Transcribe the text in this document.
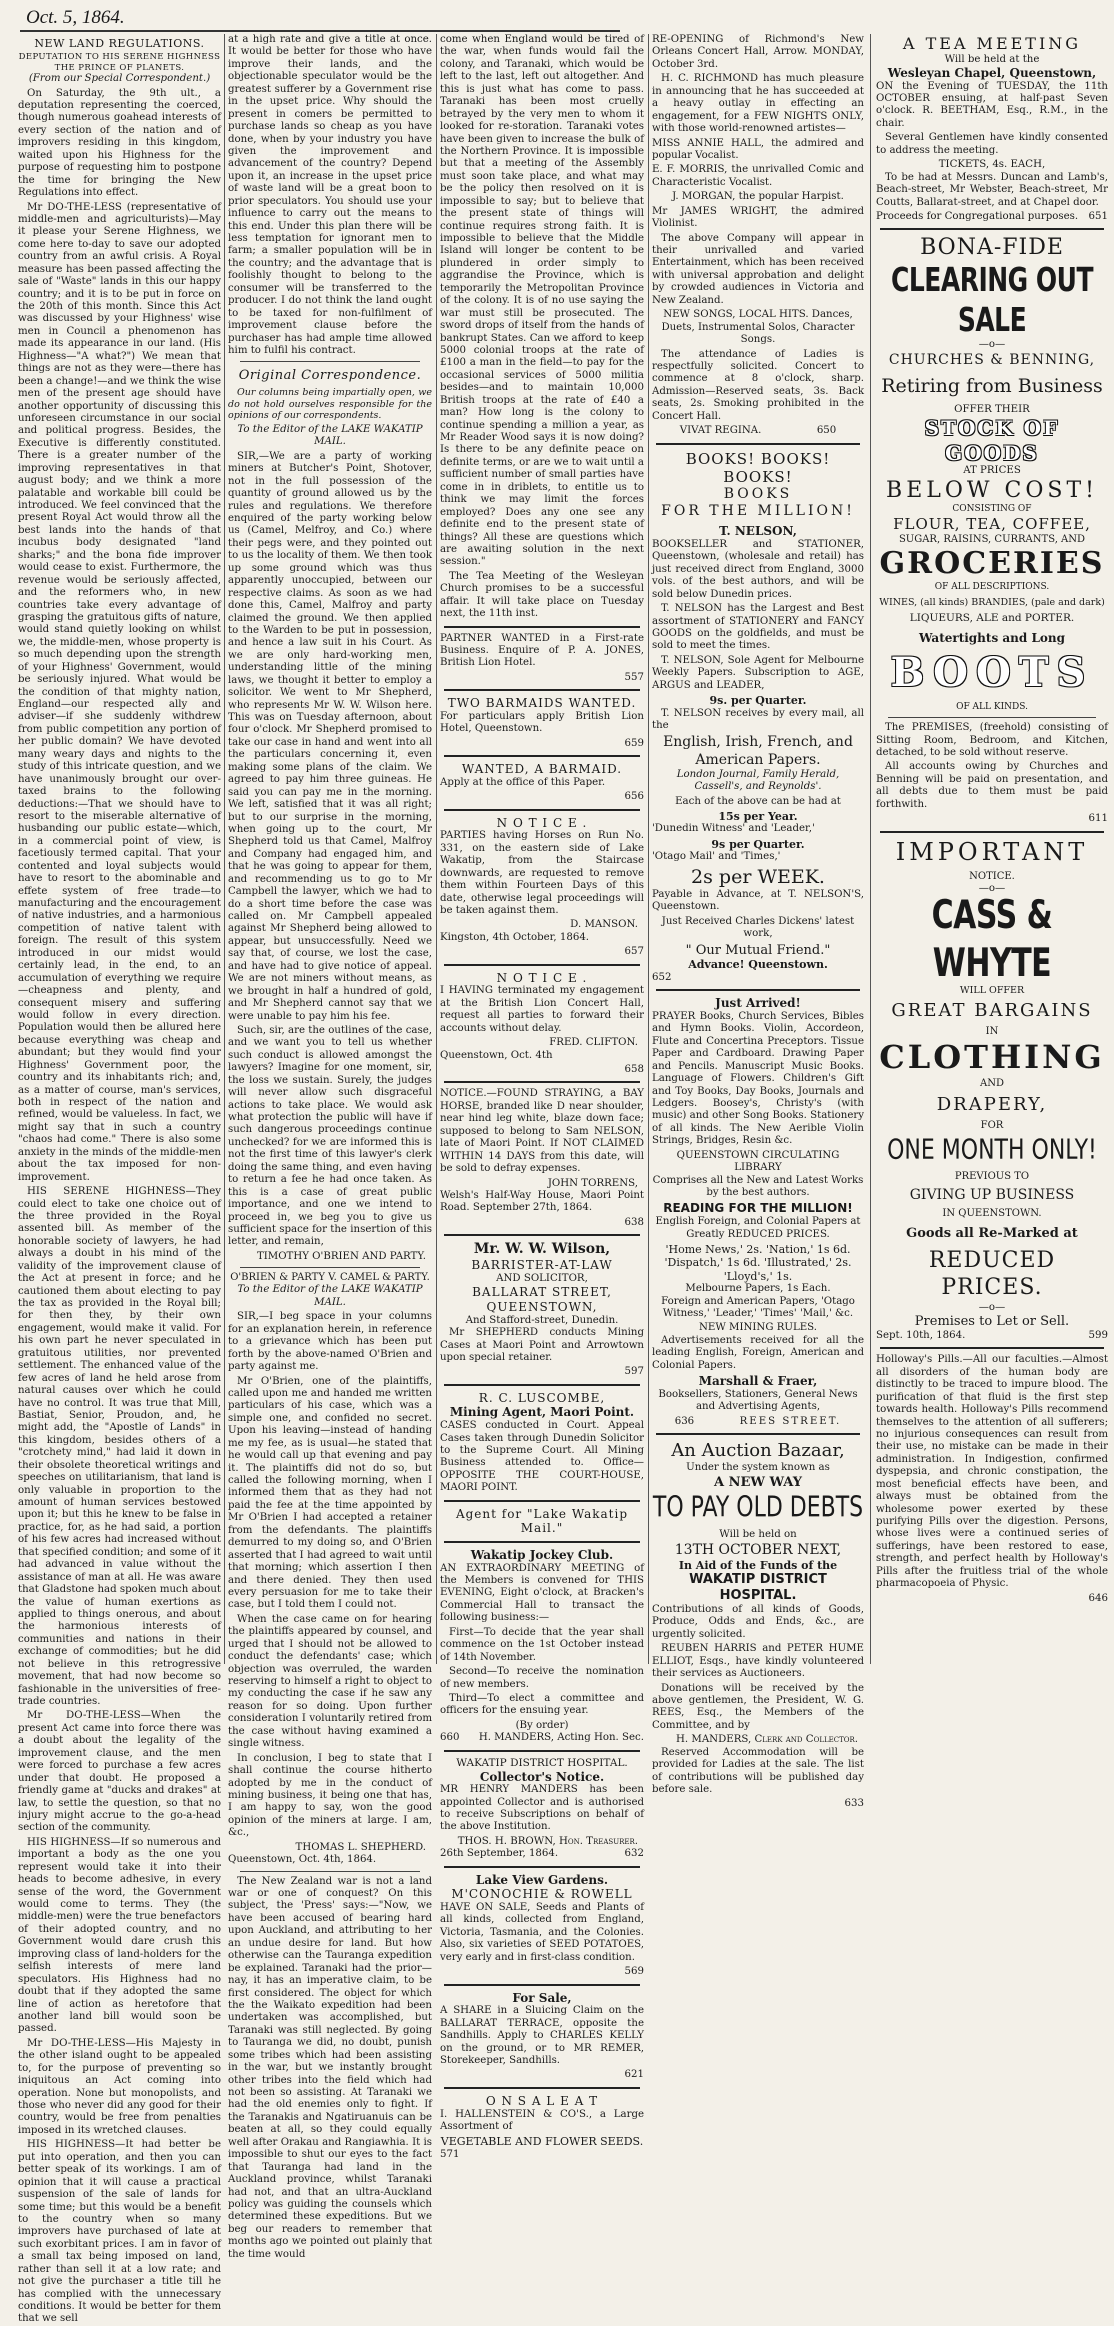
Oct. 5, 1864.
NEW LAND REGULATIONS.
DEPUTATION TO HIS SERENE HIGHNESS THE PRINCE OF PLANETS.

(From our Special Correspondent.)

On Saturday, the 9th ult., a deputation representing the coerced, though numerous goahead interests of every section of the nation and of improvers residing in this kingdom, waited upon his Highness for the purpose of requesting him to postpone the time for bringing the New Regulations into effect.

Mr DO-THE-LESS (representative of middle-men and agriculturists)—May it please your Serene Highness, we come here to-day to save our adopted country from an awful crisis. A Royal measure has been passed affecting the sale of "Waste" lands in this our happy country; and it is to be put in force on the 20th of this month. Since this Act was discussed by your Highness' wise men in Council a phenomenon has made its appearance in our land. (His Highness—"A what?") We mean that things are not as they were—there has been a change!—and we think the wise men of the present age should have another opportunity of discussing this unforeseen circumstance in our social and political progress. Besides, the Executive is differently constituted. There is a greater number of the improving representatives in that august body; and we think a more palatable and workable bill could be introduced. We feel convinced that the present Royal Act would throw all the best lands into the hands of that incubus body designated "land sharks;" and the bona fide improver would cease to exist. Furthermore, the revenue would be seriously affected, and the reformers who, in new countries take every advantage of grasping the gratuitous gifts of nature, would stand quietly looking on whilst we, the middle-men, whose property is so much depending upon the strength of your Highness' Government, would be seriously injured. What would be the condition of that mighty nation, England—our respected ally and adviser—if she suddenly withdrew from public competition any portion of her public domain? We have devoted many weary days and nights to the study of this intricate question, and we have unanimously brought our over-taxed brains to the following deductions:—That we should have to resort to the miserable alternative of husbanding our public estate—which, in a commercial point of view, is facetiously termed capital. That your contented and loyal subjects would have to resort to the abominable and effete system of free trade—to manufacturing and the encouragement of native industries, and a harmonious competition of native talent with foreign. The result of this system introduced in our midst would certainly lead, in the end, to an accumulation of everything we require—cheapness and plenty, and consequent misery and suffering would follow in every direction. Population would then be allured here because everything was cheap and abundant; but they would find your Highness' Government poor, the country and its inhabitants rich; and, as a matter of course, man's services, both in respect of the nation and refined, would be valueless. In fact, we might say that in such a country "chaos had come." There is also some anxiety in the minds of the middle-men about the tax imposed for non-improvement.

HIS SERENE HIGHNESS—They could elect to take one choice out of the three provided in the Royal assented bill. As member of the honorable society of lawyers, he had always a doubt in his mind of the validity of the improvement clause of the Act at present in force; and he cautioned them about electing to pay the tax as provided in the Royal bill; for then they, by their own engagement, would make it valid. For his own part he never speculated in gratuitous utilities, nor prevented settlement. The enhanced value of the few acres of land he held arose from natural causes over which he could have no control. It was true that Mill, Bastiat, Senior, Proudon, and, he might add, the "Apostle of Lands" in this kingdom, besides others of a "crotchety mind," had laid it down in their obsolete theoretical writings and speeches on utilitarianism, that land is only valuable in proportion to the amount of human services bestowed upon it; but this he knew to be false in practice, for, as he had said, a portion of his few acres had increased without that specified condition; and some of it had advanced in value without the assistance of man at all. He was aware that Gladstone had spoken much about the value of human exertions as applied to things onerous, and about the harmonious interests of communities and nations in their exchange of commodities; but he did not believe in this retrogressive movement, that had now become so fashionable in the universities of free-trade countries.

Mr DO-THE-LESS—When the present Act came into force there was a doubt about the legality of the improvement clause, and the men were forced to purchase a few acres under that doubt. He proposed a friendly game at "ducks and drakes" at law, to settle the question, so that no injury might accrue to the go-a-head section of the community.

HIS HIGHNESS—If so numerous and important a body as the one you represent would take it into their heads to become adhesive, in every sense of the word, the Government would come to terms. They (the middle-men) were the true benefactors of their adopted country, and no Government would dare crush this improving class of land-holders for the selfish interests of mere land speculators. His Highness had no doubt that if they adopted the same line of action as heretofore that another land bill would soon be passed.

Mr DO-THE-LESS—His Majesty in the other island ought to be appealed to, for the purpose of preventing so iniquitous an Act coming into operation. None but monopolists, and those who never did any good for their country, would be free from penalties imposed in its wretched clauses.

HIS HIGHNESS—It had better be put into operation, and then you can better speak of its workings. I am of opinion that it will cause a practical suspension of the sale of lands for some time; but this would be a benefit to the country when so many improvers have purchased of late at such exorbitant prices. I am in favor of a small tax being imposed on land, rather than sell it at a low rate; and not give the purchaser a title till he has complied with the unnecessary conditions. It would be better for them that we sell

at a high rate and give a title at once. It would be better for those who have improve their lands, and the objectionable speculator would be the greatest sufferer by a Government rise in the upset price. Why should the present in comers be permitted to purchase lands so cheap as you have done, when by your industry you have given the improvement and advancement of the country? Depend upon it, an increase in the upset price of waste land will be a great boon to prior speculators. You should use your influence to carry out the means to this end. Under this plan there will be less temptation for ignorant men to farm; a smaller population will be in the country; and the advantage that is foolishly thought to belong to the consumer will be transferred to the producer. I do not think the land ought to be taxed for non-fulfilment of improvement clause before the purchaser has had ample time allowed him to fulfil his contract.

Original Correspondence.

Our columns being impartially open, we do not hold ourselves responsible for the opinions of our correspondents.

To the Editor of the LAKE WAKATIP MAIL.

SIR,—We are a party of working miners at Butcher's Point, Shotover, not in the full possession of the quantity of ground allowed us by the rules and regulations. We therefore enquired of the party working below us (Camel, Melfroy, and Co.) where their pegs were, and they pointed out to us the locality of them. We then took up some ground which was thus apparently unoccupied, between our respective claims. As soon as we had done this, Camel, Malfroy and party claimed the ground. We then applied to the Warden to be put in possession, and hence a law suit in his Court. As we are only hard-working men, understanding little of the mining laws, we thought it better to employ a solicitor. We went to Mr Shepherd, who represents Mr W. W. Wilson here. This was on Tuesday afternoon, about four o'clock. Mr Shepherd promised to take our case in hand and went into all the particulars concerning it, even making some plans of the claim. We agreed to pay him three guineas. He said you can pay me in the morning. We left, satisfied that it was all right; but to our surprise in the morning, when going up to the court, Mr Shepherd told us that Camel, Malfroy and Company had engaged him, and that he was going to appear for them, and recommending us to go to Mr Campbell the lawyer, which we had to do a short time before the case was called on. Mr Campbell appealed against Mr Shepherd being allowed to appear, but unsuccessfully. Need we say that, of course, we lost the case, and have had to give notice of appeal. We are not miners without means, as we brought in half a hundred of gold, and Mr Shepherd cannot say that we were unable to pay him his fee.

Such, sir, are the outlines of the case, and we want you to tell us whether such conduct is allowed amongst the lawyers? Imagine for one moment, sir, the loss we sustain. Surely, the judges will never allow such disgraceful actions to take place. We would ask what protection the public will have if such dangerous proceedings continue unchecked? for we are informed this is not the first time of this lawyer's clerk doing the same thing, and even having to return a fee he had once taken. As this is a case of great public importance, and one we intend to proceed in, we beg you to give us sufficient space for the insertion of this letter, and remain,

TIMOTHY O'BRIEN AND PARTY.
O'BRIEN & PARTY V. CAMEL & PARTY.

To the Editor of the LAKE WAKATIP MAIL.

SIR,—I beg space in your columns for an explanation herein, in reference to a grievance which has been put forth by the above-named O'Brien and party against me.

Mr O'Brien, one of the plaintiffs, called upon me and handed me written particulars of his case, which was a simple one, and confided no secret. Upon his leaving—instead of handing me my fee, as is usual—he stated that he would call up that evening and pay it. The plaintiffs did not do so, but called the following morning, when I informed them that as they had not paid the fee at the time appointed by Mr O'Brien I had accepted a retainer from the defendants. The plaintiffs demurred to my doing so, and O'Brien asserted that I had agreed to wait until that morning; which assertion I then and there denied. They then used every persuasion for me to take their case, but I told them I could not.

When the case came on for hearing the plaintiffs appeared by counsel, and urged that I should not be allowed to conduct the defendants' case; which objection was overruled, the warden reserving to himself a right to object to my conducting the case if he saw any reason for so doing. Upon further consideration I voluntarily retired from the case without having examined a single witness.

In conclusion, I beg to state that I shall continue the course hitherto adopted by me in the conduct of mining business, it being one that has, I am happy to say, won the good opinion of the miners at large. I am, &c.,

THOMAS L. SHEPHERD.

Queenstown, Oct. 4th, 1864.

The New Zealand war is not a land war or one of conquest? On this subject, the 'Press' says:—"Now, we have been accused of bearing hard upon Auckland, and attributing to her an undue desire for land. But how otherwise can the Tauranga expedition be explained. Taranaki had the prior—nay, it has an imperative claim, to be first considered. The object for which the the Waikato expedition had been undertaken was accomplished, but Taranaki was still neglected. By going to Tauranga we did, no doubt, punish some tribes which had been assisting in the war, but we instantly brought other tribes into the field which had not been so assisting. At Taranaki we had the old enemies only to fight. If the Taranakis and Ngatiruanuis can be beaten at all, so they could equally well after Orakau and Rangiawhia. It is impossible to shut our eyes to the fact that Tauranga had land in the Auckland province, whilst Taranaki had not, and that an ultra-Auckland policy was guiding the counsels which determined these expeditions. But we beg our readers to remember that months ago we pointed out plainly that the time would

come when England would be tired of the war, when funds would fail the colony, and Taranaki, which would be left to the last, left out altogether. And this is just what has come to pass. Taranaki has been most cruelly betrayed by the very men to whom it looked for re-storation. Taranaki votes have been given to increase the bulk of the Northern Province. It is impossible but that a meeting of the Assembly must soon take place, and what may be the policy then resolved on it is impossible to say; but to believe that the present state of things will continue requires strong faith. It is impossible to believe that the Middle Island will longer be content to be plundered in order simply to aggrandise the Province, which is temporarily the Metropolitan Province of the colony. It is of no use saying the war must still be prosecuted. The sword drops of itself from the hands of bankrupt States. Can we afford to keep 5000 colonial troops at the rate of £100 a man in the field—to pay for the occasional services of 5000 militia besides—and to maintain 10,000 British troops at the rate of £40 a man? How long is the colony to continue spending a million a year, as Mr Reader Wood says it is now doing? Is there to be any definite peace on definite terms, or are we to wait until a sufficient number of small parties have come in in driblets, to entitle us to think we may limit the forces employed? Does any one see any definite end to the present state of things? All these are questions which are awaiting solution in the next session."

The Tea Meeting of the Wesleyan Church promises to be a successful affair. It will take place on Tuesday next, the 11th inst.

PARTNER WANTED in a First-rate Business. Enquire of P. A. JONES, British Lion Hotel.

557
TWO BARMAIDS WANTED.

For particulars apply British Lion Hotel, Queenstown.

659
WANTED, A BARMAID.

Apply at the office of this Paper.

656
N O T I C E .

PARTIES having Horses on Run No. 331, on the eastern side of Lake Wakatip, from the Staircase downwards, are requested to remove them within Fourteen Days of this date, otherwise legal proceedings will be taken against them.

D. MANSON.

Kingston, 4th October, 1864.

657
N O T I C E .

I HAVING terminated my engagement at the British Lion Concert Hall, request all parties to forward their accounts without delay.

FRED. CLIFTON.

Queenstown, Oct. 4th

658

NOTICE.—FOUND STRAYING, a BAY HORSE, branded like D near shoulder, near hind leg white, blaze down face; supposed to belong to Sam NELSON, late of Maori Point. If NOT CLAIMED WITHIN 14 DAYS from this date, will be sold to defray expenses.

JOHN TORRENS,

Welsh's Half-Way House, Maori Point Road. September 27th, 1864.

638
Mr. W. W. Wilson,
BARRISTER-AT-LAW
AND SOLICITOR,
BALLARAT STREET, QUEENSTOWN,
And Stafford-street, Dunedin.

Mr SHEPHERD conducts Mining Cases at Maori Point and Arrowtown upon special retainer.

597
R. C. LUSCOMBE,
Mining Agent, Maori Point.

CASES conducted in Court. Appeal Cases taken through Dunedin Solicitor to the Supreme Court. All Mining Business attended to. Office—OPPOSITE THE COURT-HOUSE, MAORI POINT.

Agent for "Lake Wakatip Mail."
Wakatip Jockey Club.

AN EXTRAORDINARY MEETING of the Members is convened for THIS EVENING, Eight o'clock, at Bracken's Commercial Hall to transact the following business:—

First—To decide that the year shall commence on the 1st October instead of 14th November.

Second—To receive the nomination of new members.

Third—To elect a committee and officers for the ensuing year.

(By order)
660 H. MANDERS, Acting Hon. Sec.
WAKATIP DISTRICT HOSPITAL.
Collector's Notice.

MR HENRY MANDERS has been appointed Collector and is authorised to receive Subscriptions on behalf of the above Institution.

THOS. H. BROWN, Hon. Treasurer.
26th September, 1864.	632
Lake View Gardens.
M'CONOCHIE & ROWELL

HAVE ON SALE, Seeds and Plants of all kinds, collected from England, Victoria, Tasmania, and the Colonies. Also, six varieties of SEED POTATOES, very early and in first-class condition.

569
For Sale,

A SHARE in a Sluicing Claim on the BALLARAT TERRACE, opposite the Sandhills. Apply to CHARLES KELLY on the ground, or to MR REMER, Storekeeper, Sandhills.

621
O N S A L E A T

I. HALLENSTEIN & CO'S., a Large Assortment of

VEGETABLE AND FLOWER SEEDS.
571

RE-OPENING of Richmond's New Orleans Concert Hall, Arrow. MONDAY, October 3rd.

H. C. RICHMOND has much pleasure in announcing that he has succeeded at a heavy outlay in effecting an engagement, for a FEW NIGHTS ONLY, with those world-renowned artistes—

MISS ANNIE HALL, the admired and popular Vocalist.

E. F. MORRIS, the unrivalled Comic and Characteristic Vocalist.

J. MORGAN, the popular Harpist.

Mr JAMES WRIGHT, the admired Violinist.

The above Company will appear in their unrivalled and varied Entertainment, which has been received with universal approbation and delight by crowded audiences in Victoria and New Zealand.

NEW SONGS, LOCAL HITS. Dances, Duets, Instrumental Solos, Character Songs.

The attendance of Ladies is respectfully solicited. Concert to commence at 8 o'clock, sharp. Admission—Reserved seats, 3s. Back seats, 2s. Smoking prohibited in the Concert Hall.

VIVAT REGINA.	650
BOOKS! BOOKS! BOOKS!
BOOKS
FOR THE MILLION!
T. NELSON,

BOOKSELLER and STATIONER, Queenstown, (wholesale and retail) has just received direct from England, 3000 vols. of the best authors, and will be sold below Dunedin prices.

T. NELSON has the Largest and Best assortment of STATIONERY and FANCY GOODS on the goldfields, and must be sold to meet the times.

T. NELSON, Sole Agent for Melbourne Weekly Papers. Subscription to AGE, ARGUS and LEADER,

9s. per Quarter.

T. NELSON receives by every mail, all the

English, Irish, French, and American Papers.

London Journal, Family Herald, Cassell's, and Reynolds'.

Each of the above can be had at

15s per Year.

'Dunedin Witness' and 'Leader,'

9s per Quarter.

'Otago Mail' and 'Times,'

2s per WEEK.

Payable in Advance, at T. NELSON'S, Queenstown.

Just Received Charles Dickens' latest work,

" Our Mutual Friend."
Advance! Queenstown.
652
Just Arrived!

PRAYER Books, Church Services, Bibles and Hymn Books. Violin, Accordeon, Flute and Concertina Preceptors. Tissue Paper and Cardboard. Drawing Paper and Pencils. Manuscript Music Books. Language of Flowers. Children's Gift and Toy Books, Day Books, Journals and Ledgers. Boosey's, Christy's (with music) and other Song Books. Stationery of all kinds. The New Aerible Violin Strings, Bridges, Resin &c.

QUEENSTOWN CIRCULATING LIBRARY

Comprises all the New and Latest Works by the best authors.

READING FOR THE MILLION!

English Foreign, and Colonial Papers at Greatly REDUCED PRICES.

'Home News,' 2s. 'Nation,' 1s 6d.
'Dispatch,' 1s 6d. 'Illustrated,' 2s.
'Lloyd's,' 1s.
Melbourne Papers, 1s Each.

Foreign and American Papers, 'Otago Witness,' 'Leader,' 'Times' 'Mail,' &c.

NEW MINING RULES.

Advertisements received for all the leading English, Foreign, American and Colonial Papers.

Marshall & Fraer,

Booksellers, Stationers, General News and Advertising Agents,

636	REES STREET.
An Auction Bazaar,
Under the system known as
A NEW WAY
TO PAY OLD DEBTS
Will be held on
13TH OCTOBER NEXT,
In Aid of the Funds of the
WAKATIP DISTRICT HOSPITAL.

Contributions of all kinds of Goods, Produce, Odds and Ends, &c., are urgently solicited.

REUBEN HARRIS and PETER HUME ELLIOT, Esqs., have kindly volunteered their services as Auctioneers.

Donations will be received by the above gentlemen, the President, W. G. REES, Esq., the Members of the Committee, and by

H. MANDERS, Clerk and Collector.

Reserved Accommodation will be provided for Ladies at the sale. The list of contributions will be published day before sale.

633
A TEA MEETING
Will be held at the
Wesleyan Chapel, Queenstown,

ON the Evening of TUESDAY, the 11th OCTOBER ensuing, at half-past Seven o'clock. R. BEETHAM, Esq., R.M., in the chair.

Several Gentlemen have kindly consented to address the meeting.

TICKETS, 4s. EACH,

To be had at Messrs. Duncan and Lamb's, Beach-street, Mr Webster, Beach-street, Mr Coutts, Ballarat-street, and at Chapel door.

Proceeds for Congregational purposes. 651
BONA-FIDE
CLEARING OUT SALE
—o—
CHURCHES & BENNING,
Retiring from Business
OFFER THEIR
STOCK OF GOODS
AT PRICES
BELOW COST!
CONSISTING OF
FLOUR, TEA, COFFEE,
SUGAR, RAISINS, CURRANTS, AND
GROCERIES
OF ALL DESCRIPTIONS.
WINES, (all kinds) BRANDIES, (pale and dark)
LIQUEURS, ALE and PORTER.
Watertights and Long
BOOTS
OF ALL KINDS.

The PREMISES, (freehold) consisting of Sitting Room, Bedroom, and Kitchen, detached, to be sold without reserve.

All accounts owing by Churches and Benning will be paid on presentation, and all debts due to them must be paid forthwith.

611
IMPORTANT
NOTICE.
—o—
CASS & WHYTE
WILL OFFER
GREAT BARGAINS
IN
CLOTHING
AND
DRAPERY,
FOR
ONE MONTH ONLY!
PREVIOUS TO
GIVING UP BUSINESS
IN QUEENSTOWN.
Goods all Re-Marked at
REDUCED PRICES.
—o—
Premises to Let or Sell.
Sept. 10th, 1864.	599

Holloway's Pills.—All our faculties.—Almost all disorders of the human body are distinctly to be traced to impure blood. The purification of that fluid is the first step towards health. Holloway's Pills recommend themselves to the attention of all sufferers; no injurious consequences can result from their use, no mistake can be made in their administration. In Indigestion, confirmed dyspepsia, and chronic constipation, the most beneficial effects have been, and always must be obtained from the wholesome power exerted by these purifying Pills over the digestion. Persons, whose lives were a continued series of sufferings, have been restored to ease, strength, and perfect health by Holloway's Pills after the fruitless trial of the whole pharmacopoeia of Physic.

646
